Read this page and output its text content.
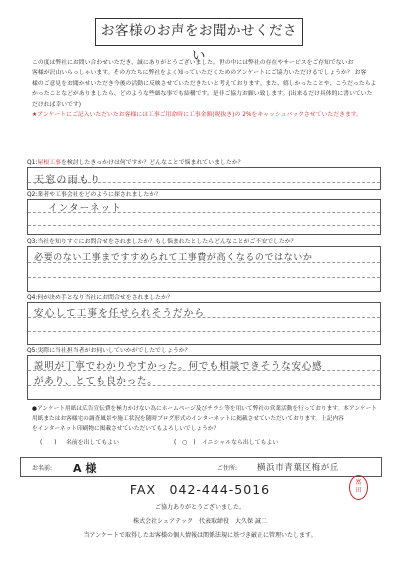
お客様のお声をお聞かせください

この度は弊社にお問い合わせいただき、誠にありがとうございました。世の中には弊社の存在やサービスをご存知でないお

客様が沢山いらっしゃいます。その方たちに弊社をよく知っていただくためのアンケートにご協力いただけるでしょうか？ お客

様のご意見をお聞かせいただき今後の活動に反映させていただきたいと考えております。また、嬉しかったことや、こうだったらよかったことなどがありましたら、どのような些細な事でも結構です。是非ご協力お願い致します。(出来るだけ具体的に書いていただければ幸いです)

★アンケートにご記入いただいたお客様には工事ご用命時に工事金額(税抜き)の 2%をキャッシュバックさせていただきます。

Q1:屋根工事を検討したきっかけは何ですか？どんなことで悩まれていましたか？
天窓の雨もり
Q2:業者や工事会社をどのように探されましたか？
インターネット
Q3:当社を知りすぐにお問合せをされましたか？もし悩まれたとしたらどんなことがご不安でしたか？
必要のない工事まですすめられて工事費が高くなるのではないか
Q4:何が決め手となり当社にお問合せをされましたか？
安心して工事を任せられそうだから
Q5:実際に当社担当者がお伺いしていかがでしたでしょうか？
説明が丁寧でわかりやすかった。何でも相談できそうな安心感
があり、とても良かった。
●アンケート用紙は広告宣伝費を極力かけない為にホームページ及びチラシ等を用いて弊社の営業活動を行っております。本アンケート
用紙またはお客様宅の調査風景や施工状況を随時ブログ形式のインターネットに掲載させていただいております。上記内容
をインターネット印刷物に掲載させていただいてもよろしいでしょうか？
(　　) 名前を出してもよい	(　○　) イニシャルなら出してもよい
お名前: A 様	ご住所: 横浜市青葉区梅が丘
FAX　042-444-5016	富田
ご協力ありがとうございました。
株式会社シェアテック　代表取締役　大久保 誠二
当アンケートで取得したお客様の個人情報は関係法規に基づき厳正に管理いたします。
